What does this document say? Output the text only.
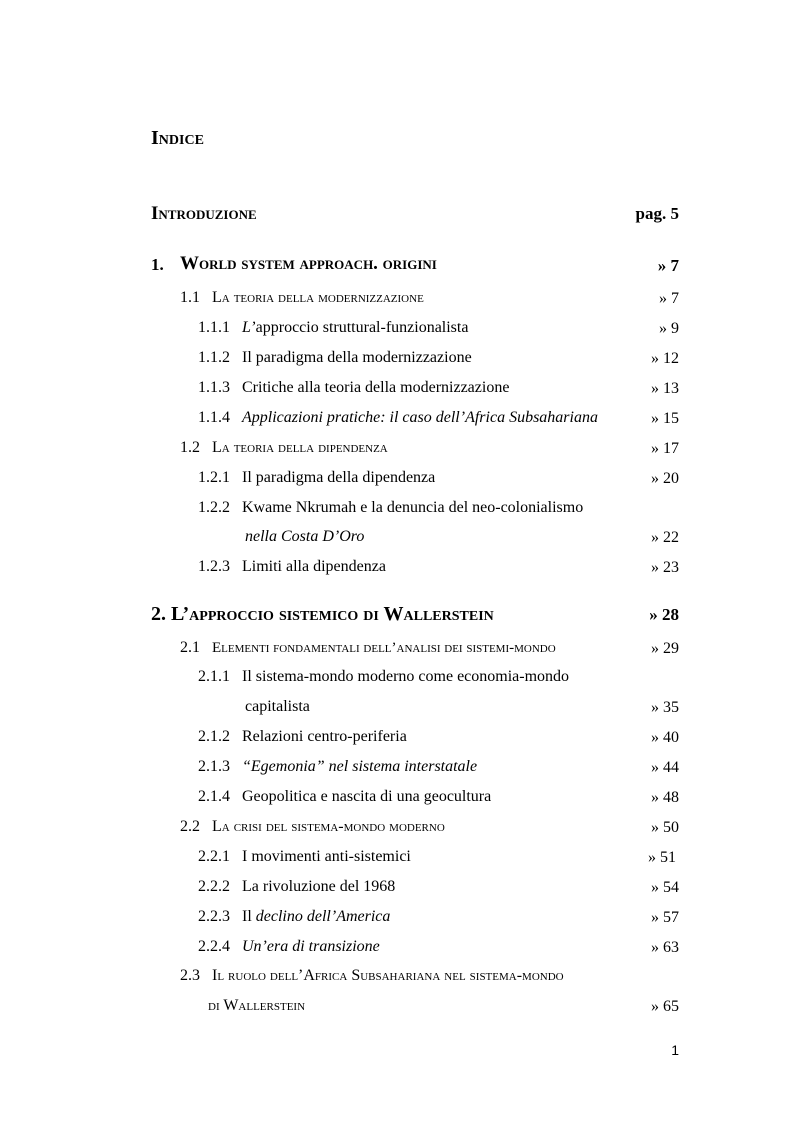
Indice
Introduzione	pag. 5
1. World system approach. origini	» 7
1.1 La teoria della modernizzazione	» 7
1.1.1 L’approccio struttural-funzionalista	» 9
1.1.2 Il paradigma della modernizzazione	» 12
1.1.3 Critiche alla teoria della modernizzazione	» 13
1.1.4 Applicazioni pratiche: il caso dell’Africa Subsahariana	» 15
1.2 La teoria della dipendenza	» 17
1.2.1 Il paradigma della dipendenza	» 20
1.2.2 Kwame Nkrumah e la denuncia del neo-colonialismo
nella Costa D’Oro	» 22
1.2.3 Limiti alla dipendenza	» 23
2. L’approccio sistemico di Wallerstein	» 28
2.1 Elementi fondamentali dell’analisi dei sistemi-mondo	» 29
2.1.1 Il sistema-mondo moderno come economia-mondo
capitalista	» 35
2.1.2 Relazioni centro-periferia	» 40
2.1.3 “Egemonia” nel sistema interstatale	» 44
2.1.4 Geopolitica e nascita di una geocultura	» 48
2.2 La crisi del sistema-mondo moderno	» 50
2.2.1 I movimenti anti-sistemici	» 51
2.2.2 La rivoluzione del 1968	» 54
2.2.3 Il declino dell’America	» 57
2.2.4 Un’era di transizione	» 63
2.3 Il ruolo dell’Africa Subsahariana nel sistema-mondo
di Wallerstein	» 65
1
